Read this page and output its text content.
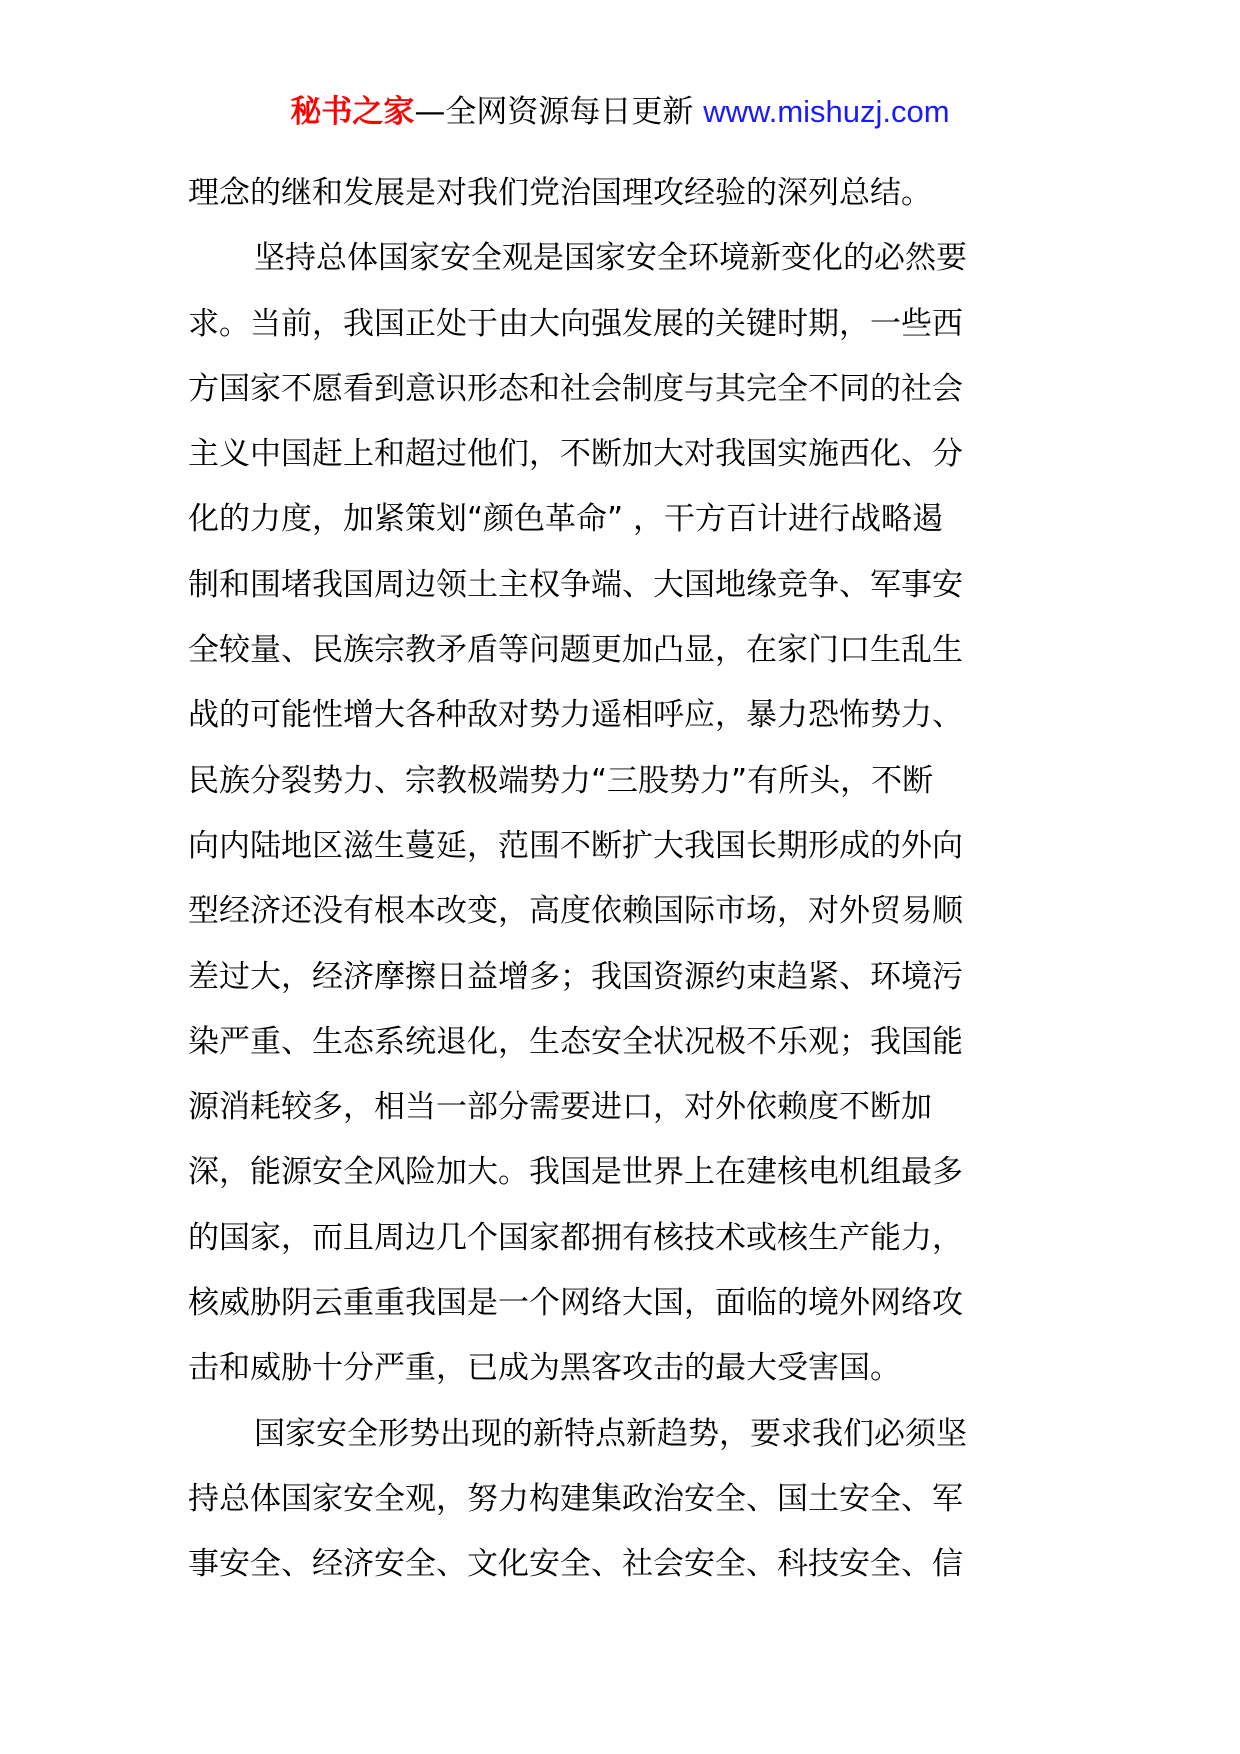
秘书之家—全网资源每日更新 www.mishuzj.com
理念的继和发展是对我们党治国理攻经验的深列总结。
坚持总体国家安全观是国家安全环境新变化的必然要
求。当前，我国正处于由大向强发展的关键时期，一些西
方国家不愿看到意识形态和社会制度与其完全不同的社会
主义中国赶上和超过他们，不断加大对我国实施西化、分
化的力度，加紧策划“颜色革命” ，干方百计进行战略遏
制和围堵我国周边领土主权争端、大国地缘竞争、军事安
全较量、民族宗教矛盾等问题更加凸显，在家门口生乱生
战的可能性增大各种敌对势力遥相呼应，暴力恐怖势力、
民族分裂势力、宗教极端势力“三股势力”有所头，不断
向内陆地区滋生蔓延，范围不断扩大我国长期形成的外向
型经济还没有根本改变，高度依赖国际市场，对外贸易顺
差过大，经济摩擦日益增多；我国资源约束趋紧、环境污
染严重、生态系统退化，生态安全状况极不乐观；我国能
源消耗较多，相当一部分需要进口，对外依赖度不断加
深，能源安全风险加大。我国是世界上在建核电机组最多
的国家，而且周边几个国家都拥有核技术或核生产能力，
核威胁阴云重重我国是一个网络大国，面临的境外网络攻
击和威胁十分严重，已成为黑客攻击的最大受害国。
国家安全形势出现的新特点新趋势，要求我们必须坚
持总体国家安全观，努力构建集政治安全、国土安全、军
事安全、经济安全、文化安全、社会安全、科技安全、信
